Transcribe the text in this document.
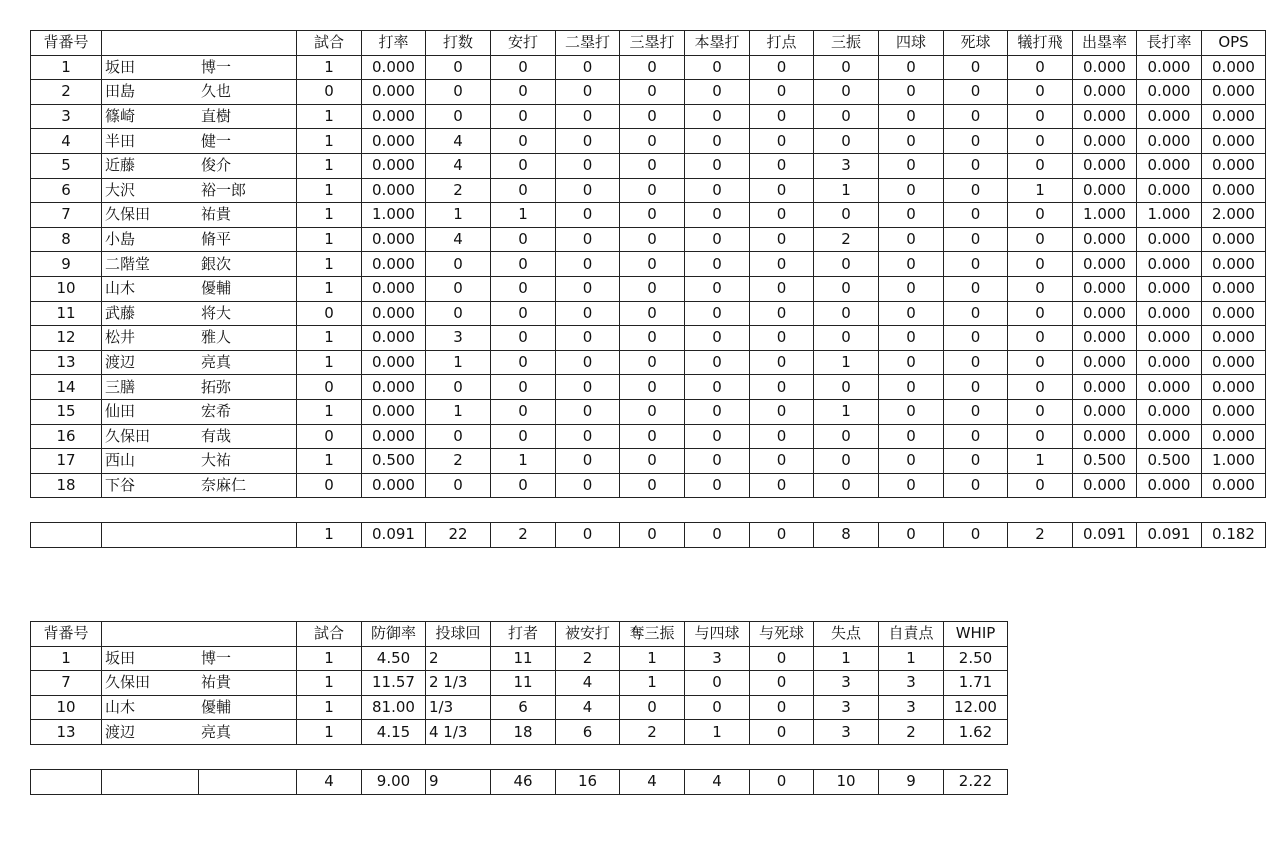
背番号		試合	打率	打数	安打	二塁打	三塁打	本塁打	打点	三振	四球	死球	犠打飛	出塁率	長打率	OPS
1	坂田 博一	1	0.000	0	0	0	0	0	0	0	0	0	0	0.000	0.000	0.000
2	田島 久也	0	0.000	0	0	0	0	0	0	0	0	0	0	0.000	0.000	0.000
3	篠崎 直樹	1	0.000	0	0	0	0	0	0	0	0	0	0	0.000	0.000	0.000
4	半田 健一	1	0.000	4	0	0	0	0	0	0	0	0	0	0.000	0.000	0.000
5	近藤 俊介	1	0.000	4	0	0	0	0	0	3	0	0	0	0.000	0.000	0.000
6	大沢 裕一郎	1	0.000	2	0	0	0	0	0	1	0	0	1	0.000	0.000	0.000
7	久保田 祐貴	1	1.000	1	1	0	0	0	0	0	0	0	0	1.000	1.000	2.000
8	小島 脩平	1	0.000	4	0	0	0	0	0	2	0	0	0	0.000	0.000	0.000
9	二階堂 銀次	1	0.000	0	0	0	0	0	0	0	0	0	0	0.000	0.000	0.000
10	山木 優輔	1	0.000	0	0	0	0	0	0	0	0	0	0	0.000	0.000	0.000
11	武藤 将大	0	0.000	0	0	0	0	0	0	0	0	0	0	0.000	0.000	0.000
12	松井 雅人	1	0.000	3	0	0	0	0	0	0	0	0	0	0.000	0.000	0.000
13	渡辺 亮真	1	0.000	1	0	0	0	0	0	1	0	0	0	0.000	0.000	0.000
14	三膳 拓弥	0	0.000	0	0	0	0	0	0	0	0	0	0	0.000	0.000	0.000
15	仙田 宏希	1	0.000	1	0	0	0	0	0	1	0	0	0	0.000	0.000	0.000
16	久保田 有哉	0	0.000	0	0	0	0	0	0	0	0	0	0	0.000	0.000	0.000
17	西山 大祐	1	0.500	2	1	0	0	0	0	0	0	0	1	0.500	0.500	1.000
18	下谷 奈麻仁	0	0.000	0	0	0	0	0	0	0	0	0	0	0.000	0.000	0.000
		1	0.091	22	2	0	0	0	0	8	0	0	2	0.091	0.091	0.182
背番号		試合	防御率	投球回	打者	被安打	奪三振	与四球	与死球	失点	自責点	WHIP
1	坂田 博一	1	4.50	2	11	2	1	3	0	1	1	2.50
7	久保田 祐貴	1	11.57	2 1/3	11	4	1	0	0	3	3	1.71
10	山木 優輔	1	81.00	1/3	6	4	0	0	0	3	3	12.00
13	渡辺 亮真	1	4.15	4 1/3	18	6	2	1	0	3	2	1.62
			4	9.00	9	46	16	4	4	0	10	9	2.22
